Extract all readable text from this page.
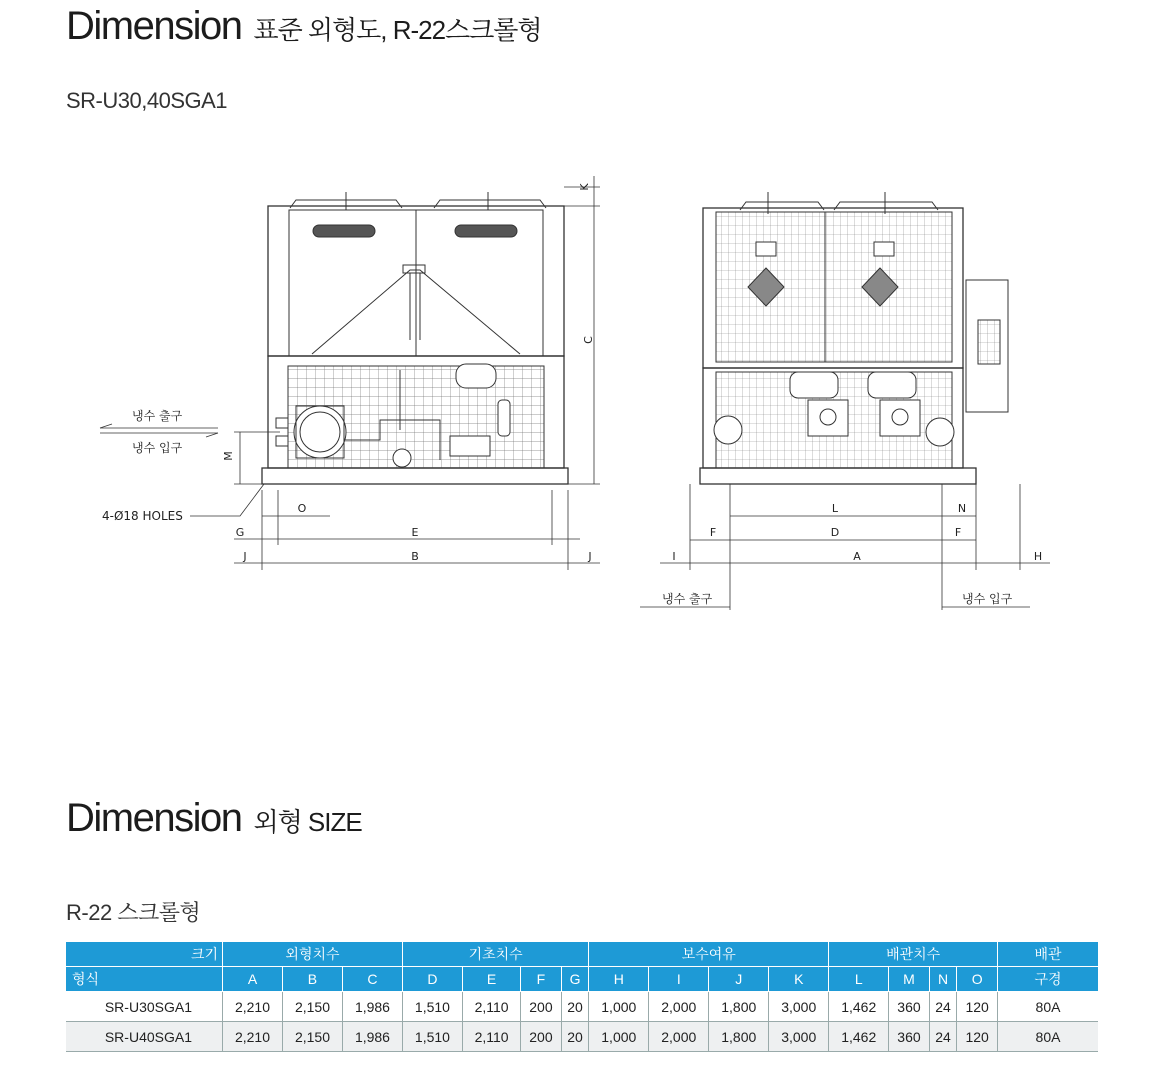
Dimension 표준 외형도, R-22스크롤형
SR-U30,40SGA1
K
C
M
O
G	E
J	B	J
냉수 출구
냉수 입구
4-Ø18 HOLES
L	N
F	D	F
I	A	H
냉수 출구	냉수 입구
Dimension 외형 SIZE
R-22 스크롤형
크기	외형치수			기초치수				보수여유				배관치수				배관
형식	A	B	C	D	E	F	G	H	I	J	K	L	M	N	O	구경
SR-U30SGA1	2,210	2,150	1,986	1,510	2,110	200	20	1,000	2,000	1,800	3,000	1,462	360	24	120	80A
SR-U40SGA1	2,210	2,150	1,986	1,510	2,110	200	20	1,000	2,000	1,800	3,000	1,462	360	24	120	80A
